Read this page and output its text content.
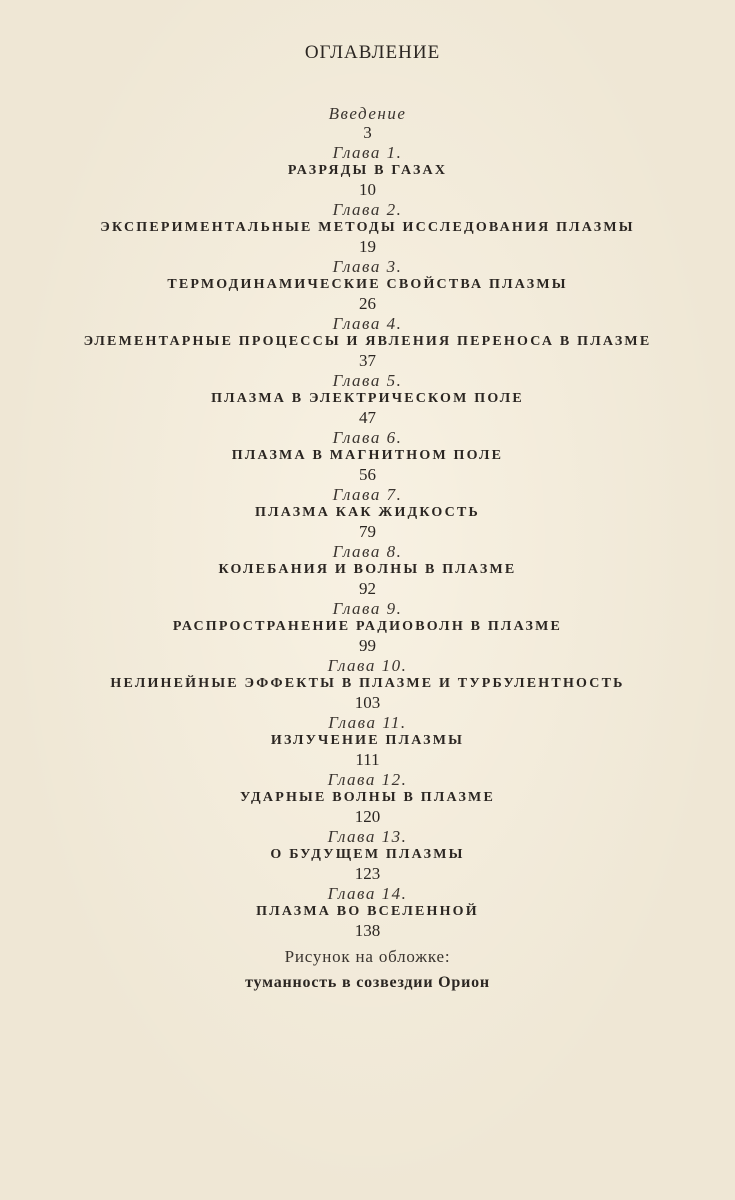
ОГЛАВЛЕНИЕ
Введение
3
Глава 1.
РАЗРЯДЫ В ГАЗАХ
10
Глава 2.
ЭКСПЕРИМЕНТАЛЬНЫЕ МЕТОДЫ ИССЛЕДОВАНИЯ ПЛАЗМЫ
19
Глава 3.
ТЕРМОДИНАМИЧЕСКИЕ СВОЙСТВА ПЛАЗМЫ
26
Глава 4.
ЭЛЕМЕНТАРНЫЕ ПРОЦЕССЫ И ЯВЛЕНИЯ ПЕРЕНОСА В ПЛАЗМЕ
37
Глава 5.
ПЛАЗМА В ЭЛЕКТРИЧЕСКОМ ПОЛЕ
47
Глава 6.
ПЛАЗМА В МАГНИТНОМ ПОЛЕ
56
Глава 7.
ПЛАЗМА КАК ЖИДКОСТЬ
79
Глава 8.
КОЛЕБАНИЯ И ВОЛНЫ В ПЛАЗМЕ
92
Глава 9.
РАСПРОСТРАНЕНИЕ РАДИОВОЛН В ПЛАЗМЕ
99
Глава 10.
НЕЛИНЕЙНЫЕ ЭФФЕКТЫ В ПЛАЗМЕ И ТУРБУЛЕНТНОСТЬ
103
Глава 11.
ИЗЛУЧЕНИЕ ПЛАЗМЫ
111
Глава 12.
УДАРНЫЕ ВОЛНЫ В ПЛАЗМЕ
120
Глава 13.
О БУДУЩЕМ ПЛАЗМЫ
123
Глава 14.
ПЛАЗМА ВО ВСЕЛЕННОЙ
138
Рисунок на обложке:
туманность в созвездии Орион
